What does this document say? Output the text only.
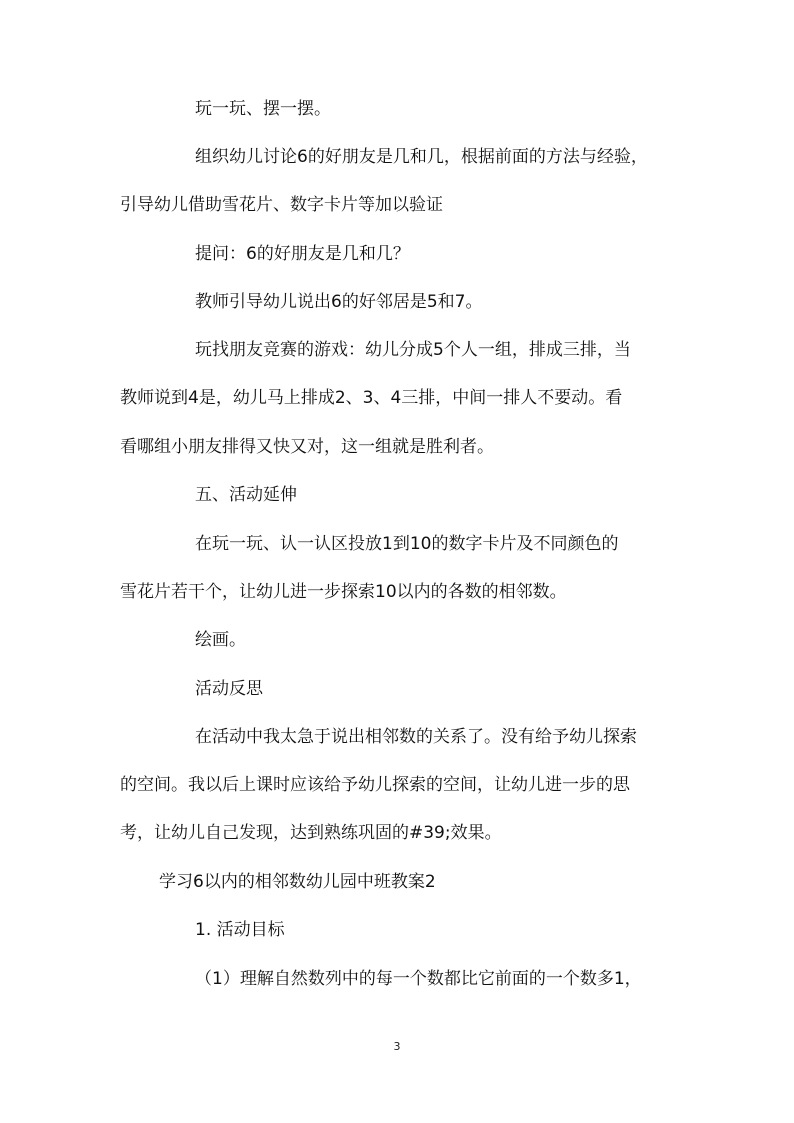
玩一玩、摆一摆。
组织幼儿讨论6的好朋友是几和几，根据前面的方法与经验，
引导幼儿借助雪花片、数字卡片等加以验证
提问：6的好朋友是几和几？
教师引导幼儿说出6的好邻居是5和7。
玩找朋友竞赛的游戏：幼儿分成5个人一组，排成三排，当
教师说到4是，幼儿马上排成2、3、4三排，中间一排人不要动。看
看哪组小朋友排得又快又对，这一组就是胜利者。
五、活动延伸
在玩一玩、认一认区投放1到10的数字卡片及不同颜色的
雪花片若干个，让幼儿进一步探索10以内的各数的相邻数。
绘画。
活动反思
在活动中我太急于说出相邻数的关系了。没有给予幼儿探索
的空间。我以后上课时应该给予幼儿探索的空间，让幼儿进一步的思
考，让幼儿自己发现，达到熟练巩固的#39;效果。
学习6以内的相邻数幼儿园中班教案2
1. 活动目标
（1）理解自然数列中的每一个数都比它前面的一个数多1，
3
